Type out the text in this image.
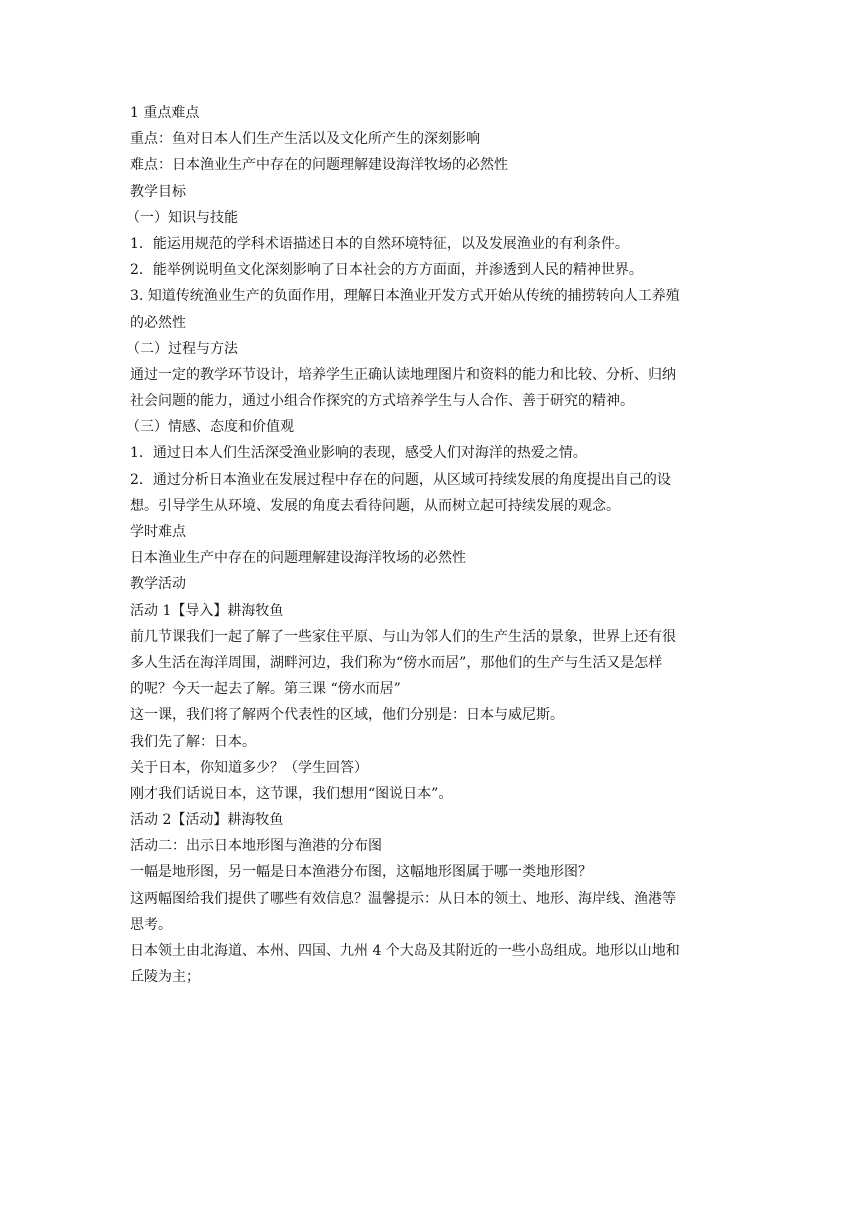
1 重点难点
重点：鱼对日本人们生产生活以及文化所产生的深刻影响
难点：日本渔业生产中存在的问题理解建设海洋牧场的必然性
教学目标
（一）知识与技能
1．能运用规范的学科术语描述日本的自然环境特征，以及发展渔业的有利条件。
2．能举例说明鱼文化深刻影响了日本社会的方方面面，并渗透到人民的精神世界。
3. 知道传统渔业生产的负面作用，理解日本渔业开发方式开始从传统的捕捞转向人工养殖
的必然性
（二）过程与方法
通过一定的教学环节设计，培养学生正确认读地理图片和资料的能力和比较、分析、归纳
社会问题的能力，通过小组合作探究的方式培养学生与人合作、善于研究的精神。
（三）情感、态度和价值观
1．通过日本人们生活深受渔业影响的表现，感受人们对海洋的热爱之情。
2．通过分析日本渔业在发展过程中存在的问题，从区域可持续发展的角度提出自己的设
想。引导学生从环境、发展的角度去看待问题，从而树立起可持续发展的观念。
学时难点
日本渔业生产中存在的问题理解建设海洋牧场的必然性
教学活动
活动 1【导入】耕海牧鱼
前几节课我们一起了解了一些家住平原、与山为邻人们的生产生活的景象，世界上还有很
多人生活在海洋周围，湖畔河边，我们称为“傍水而居”，那他们的生产与生活又是怎样
的呢？今天一起去了解。第三课 “傍水而居”
这一课，我们将了解两个代表性的区域，他们分别是：日本与威尼斯。
我们先了解：日本。
关于日本，你知道多少？（学生回答）
刚才我们话说日本，这节课，我们想用“图说日本”。
活动 2【活动】耕海牧鱼
活动二：出示日本地形图与渔港的分布图
一幅是地形图，另一幅是日本渔港分布图，这幅地形图属于哪一类地形图？
这两幅图给我们提供了哪些有效信息？温馨提示：从日本的领土、地形、海岸线、渔港等
思考。
日本领土由北海道、本州、四国、九州 4 个大岛及其附近的一些小岛组成。地形以山地和
丘陵为主；
